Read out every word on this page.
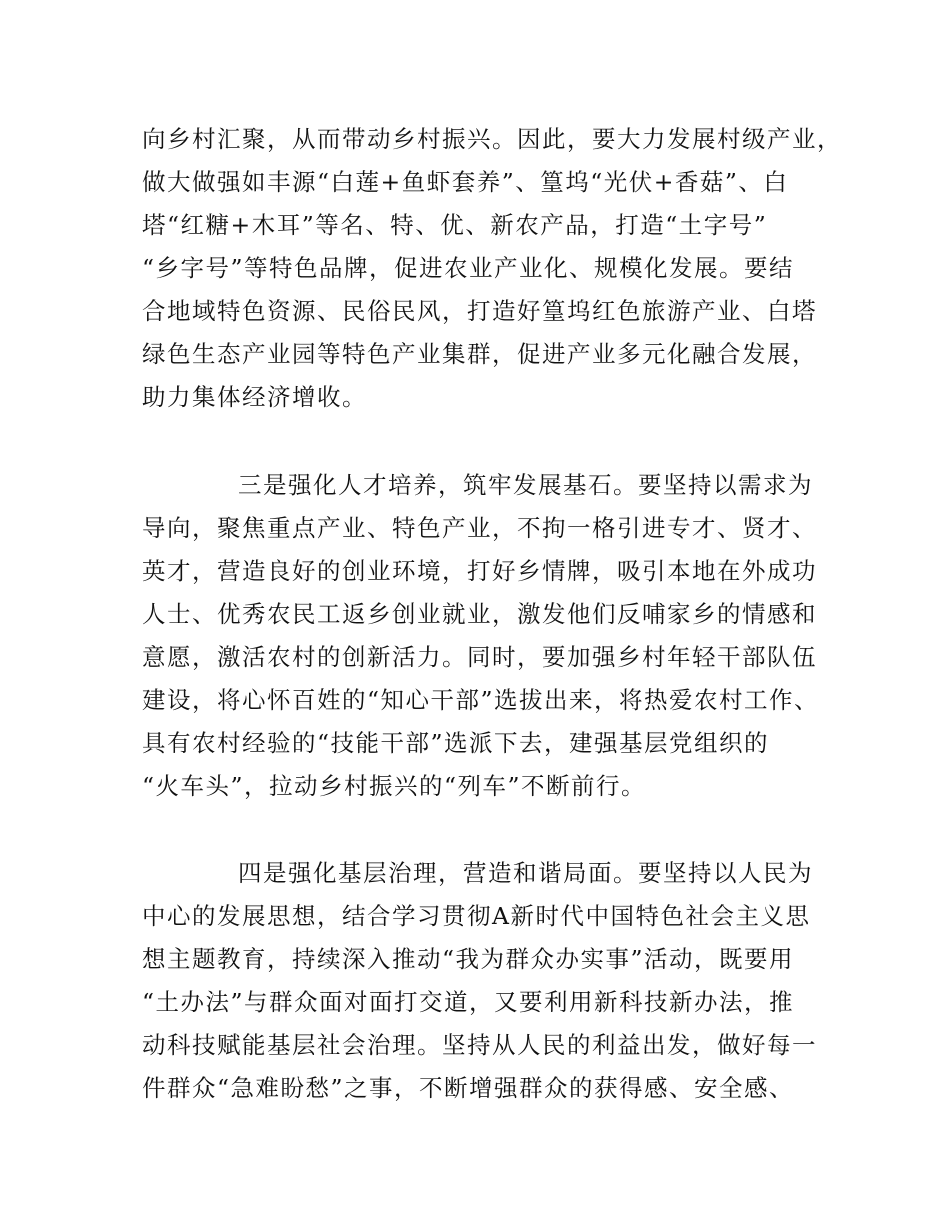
向乡村汇聚，从而带动乡村振兴。因此，要大力发展村级产业，
做大做强如丰源“白莲+鱼虾套养”、篁坞“光伏+香菇”、白
塔“红糖+木耳”等名、特、优、新农产品，打造“土字号”
“乡字号”等特色品牌，促进农业产业化、规模化发展。要结
合地域特色资源、民俗民风，打造好篁坞红色旅游产业、白塔
绿色生态产业园等特色产业集群，促进产业多元化融合发展，
助力集体经济增收。
三是强化人才培养，筑牢发展基石。要坚持以需求为
导向，聚焦重点产业、特色产业，不拘一格引进专才、贤才、
英才，营造良好的创业环境，打好乡情牌，吸引本地在外成功
人士、优秀农民工返乡创业就业，激发他们反哺家乡的情感和
意愿，激活农村的创新活力。同时，要加强乡村年轻干部队伍
建设，将心怀百姓的“知心干部”选拔出来，将热爱农村工作、
具有农村经验的“技能干部”选派下去，建强基层党组织的
“火车头”，拉动乡村振兴的“列车”不断前行。
四是强化基层治理，营造和谐局面。要坚持以人民为
中心的发展思想，结合学习贯彻A新时代中国特色社会主义思
想主题教育，持续深入推动“我为群众办实事”活动，既要用
“土办法”与群众面对面打交道，又要利用新科技新办法，推
动科技赋能基层社会治理。坚持从人民的利益出发，做好每一
件群众“急难盼愁”之事，不断增强群众的获得感、安全感、
